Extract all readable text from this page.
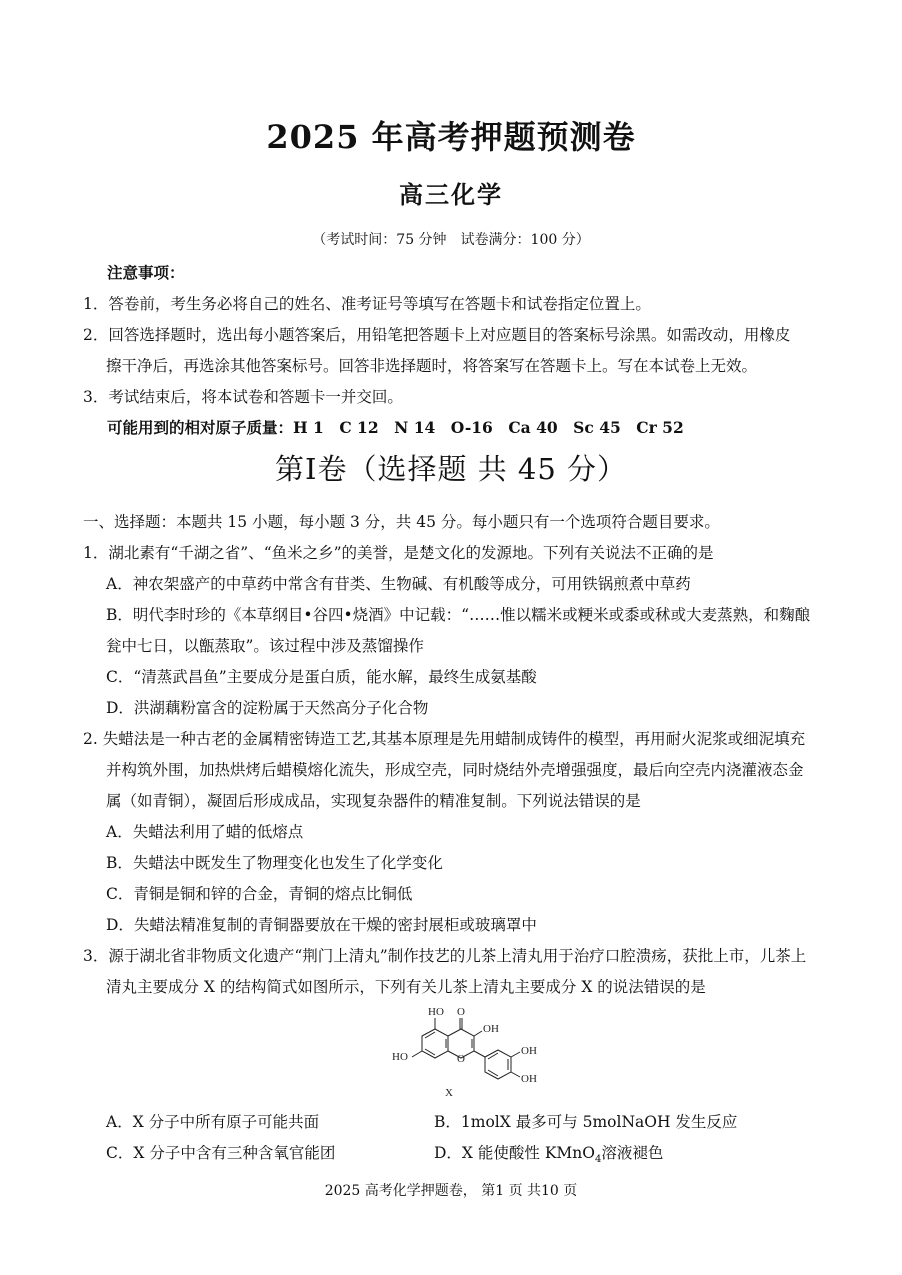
2025 年高考押题预测卷
高三化学
（考试时间：75 分钟　试卷满分：100 分）
注意事项：
1．答卷前，考生务必将自己的姓名、准考证号等填写在答题卡和试卷指定位置上。
2．回答选择题时，选出每小题答案后，用铅笔把答题卡上对应题目的答案标号涂黑。如需改动，用橡皮
擦干净后，再选涂其他答案标号。回答非选择题时，将答案写在答题卡上。写在本试卷上无效。
3．考试结束后，将本试卷和答题卡一并交回。
可能用到的相对原子质量：H 1　C 12　N 14　O-16　Ca 40　Sc 45　Cr 52
第Ⅰ卷（选择题 共 45 分）
一、选择题：本题共 15 小题，每小题 3 分，共 45 分。每小题只有一个选项符合题目要求。
1．湖北素有“千湖之省”、“鱼米之乡”的美誉，是楚文化的发源地。下列有关说法不正确的是
A．神农架盛产的中草药中常含有苷类、生物碱、有机酸等成分，可用铁锅煎煮中草药
B．明代李时珍的《本草纲目•谷四•烧酒》中记载：“……惟以糯米或粳米或黍或秫或大麦蒸熟，和麴酿
瓮中七日，以甑蒸取”。该过程中涉及蒸馏操作
C．“清蒸武昌鱼”主要成分是蛋白质，能水解，最终生成氨基酸
D．洪湖藕粉富含的淀粉属于天然高分子化合物
2. 失蜡法是一种古老的金属精密铸造工艺,其基本原理是先用蜡制成铸件的模型，再用耐火泥浆或细泥填充
并构筑外围，加热烘烤后蜡模熔化流失，形成空壳，同时烧结外壳增强强度，最后向空壳内浇灌液态金
属（如青铜），凝固后形成成品，实现复杂器件的精准复制。下列说法错误的是
A．失蜡法利用了蜡的低熔点
B．失蜡法中既发生了物理变化也发生了化学变化
C．青铜是铜和锌的合金，青铜的熔点比铜低
D．失蜡法精准复制的青铜器要放在干燥的密封展柜或玻璃罩中
3．源于湖北省非物质文化遗产“荆门上清丸”制作技艺的儿茶上清丸用于治疗口腔溃疡，获批上市，儿茶上
清丸主要成分 X 的结构简式如图所示，下列有关儿茶上清丸主要成分 X 的说法错误的是
HO O
OH
O
HO	OH
OH
X
A．X 分子中所有原子可能共面	B．1molX 最多可与 5molNaOH 发生反应
C．X 分子中含有三种含氧官能团	D．X 能使酸性 KMnO$_4$溶液褪色
2025 高考化学押题卷， 第1 页 共10 页
